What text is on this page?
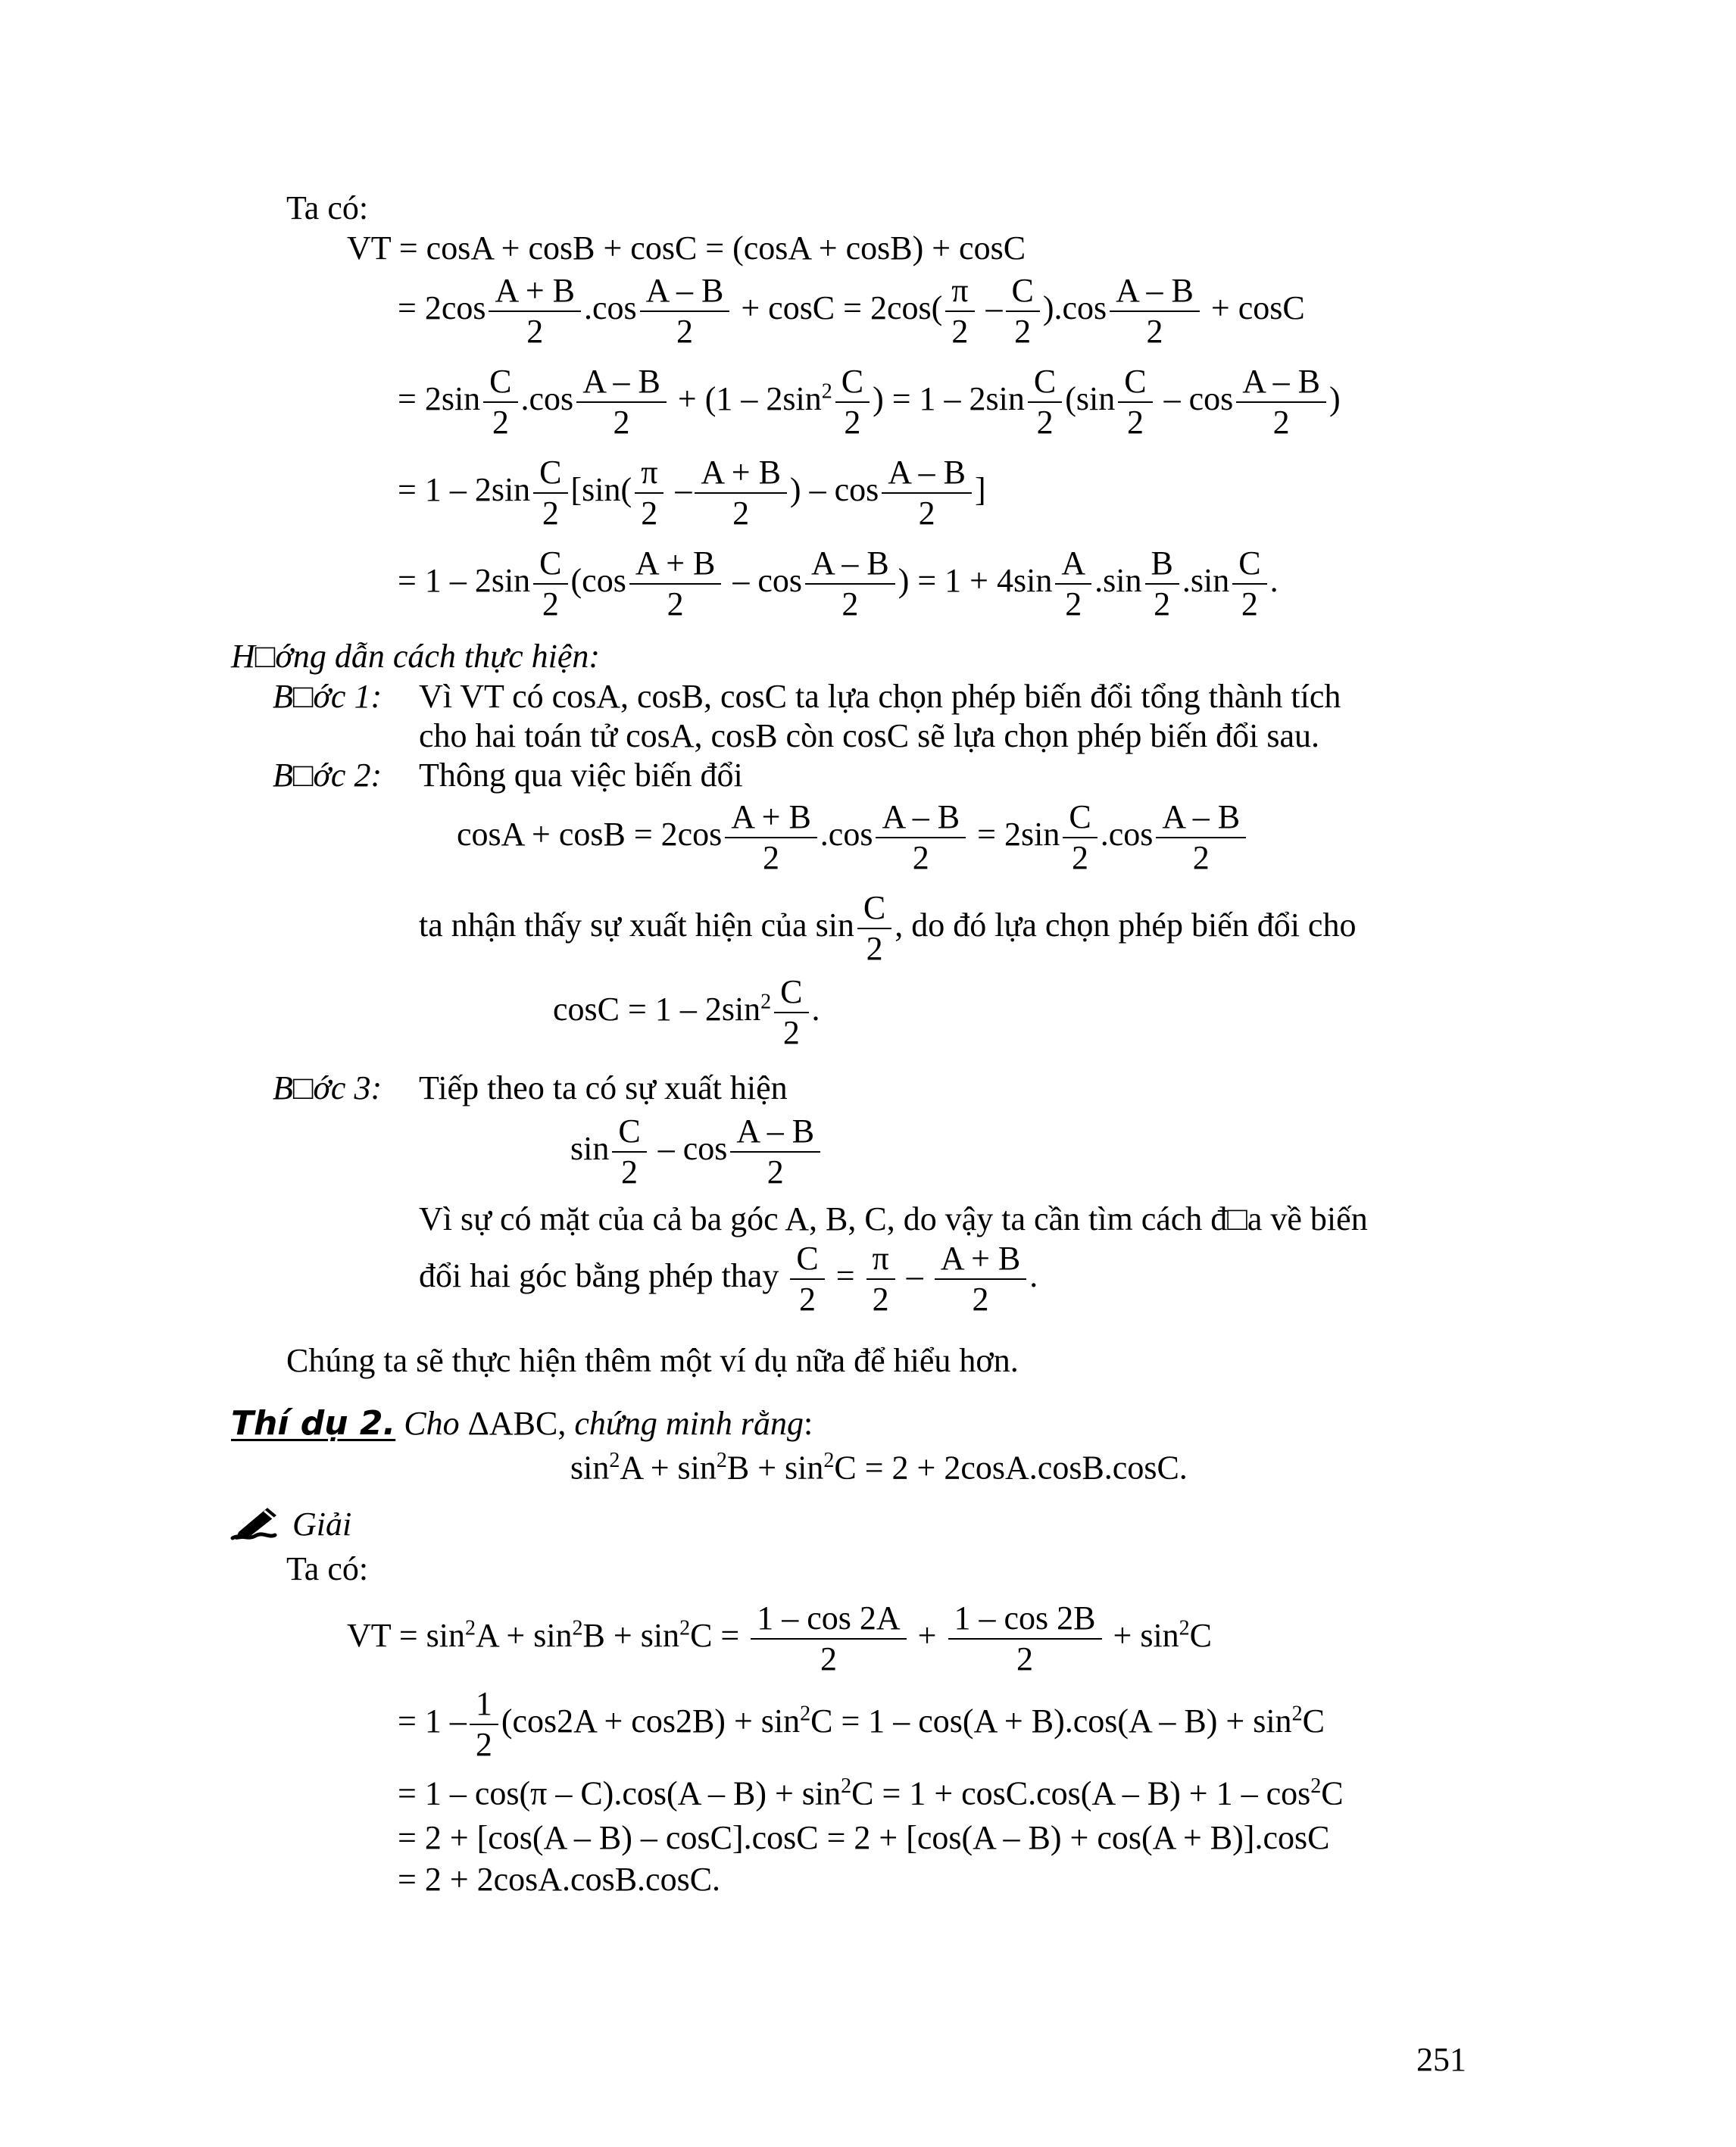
Ta có:
VT = cosA + cosB + cosC = (cosA + cosB) + cosC
= $2\cos \frac{A + B}{2} .\cos \frac{A - B}{2} + \cos C = 2\cos( \frac{\pi}{2} - \frac{C}{2} ).\cos \frac{A - B}{2} + \cos C$
= $2\sin \frac{C}{2} .\cos \frac{A - B}{2} + (1 - 2\sin^2 \frac{C}{2}$ ) = $1 - 2\sin \frac{C}{2} (\sin \frac{C}{2}$ – $\cos \frac{A - B}{2}$ )
= $1 - 2\sin \frac{C}{2} [\sin( \frac{\pi}{2} - \frac{A + B}{2}$ ) – $\cos \frac{A - B}{2}$ ]
= $1 - 2\sin \frac{C}{2} (\cos \frac{A + B}{2}$ – $\cos \frac{A - B}{2}$ ) = $1 + 4\sin \frac{A}{2} .\sin \frac{B}{2} .\sin \frac{C}{2}$ .
H□ớng dẫn cách thực hiện:
B□ớc 1: Vì VT có cosA, cosB, cosC ta lựa chọn phép biến đổi tổng thành tích
cho hai toán tử cosA, cosB còn cosC sẽ lựa chọn phép biến đổi sau.
B□ớc 2: Thông qua việc biến đổi
$\cos A + \cos B = 2\cos \frac{A + B}{2} .\cos \frac{A - B}{2} = 2\sin \frac{C}{2} .\cos \frac{A - B}{2}$
ta nhận thấy sự xuất hiện của $\sin \frac{C}{2}$ , do đó lựa chọn phép biến đổi cho
$\cos C = 1 - 2\sin^2 \frac{C}{2}$ .
B□ớc 3: Tiếp theo ta có sự xuất hiện
$\sin \frac{C}{2}$ – $\cos \frac{A - B}{2}$
Vì sự có mặt của cả ba góc A, B, C, do vậy ta cần tìm cách đ□a về biến
đổi hai góc bằng phép thay $\frac{C}{2} = \frac{\pi}{2} - \frac{A + B}{2}$ .
Chúng ta sẽ thực hiện thêm một ví dụ nữa để hiểu hơn.
Thí dụ 2. Cho ΔABC, chứng minh rằng:
$\sin^2A + \sin^2B + \sin^2C = 2 + 2\cos A.\cos B.\cos C$.
Giải
Ta có:
VT = $\sin^2A + \sin^2B + \sin^2C = \frac{1 - \cos 2A}{2} + \frac{1 - \cos 2B}{2} + \sin^2C$
= $1 - \frac{1}{2} (\cos 2A + \cos 2B) + \sin^2C = 1 - \cos(A + B).\cos(A - B) + \sin^2C$
= $1 - \cos(\pi - C).\cos(A - B) + \sin^2C = 1 + \cos C.\cos(A - B) + 1 - \cos^2C$
= 2 + [cos(A – B) – cosC].cosC = 2 + [cos(A – B) + cos(A + B)].cosC
= 2 + 2cosA.cosB.cosC.
251
